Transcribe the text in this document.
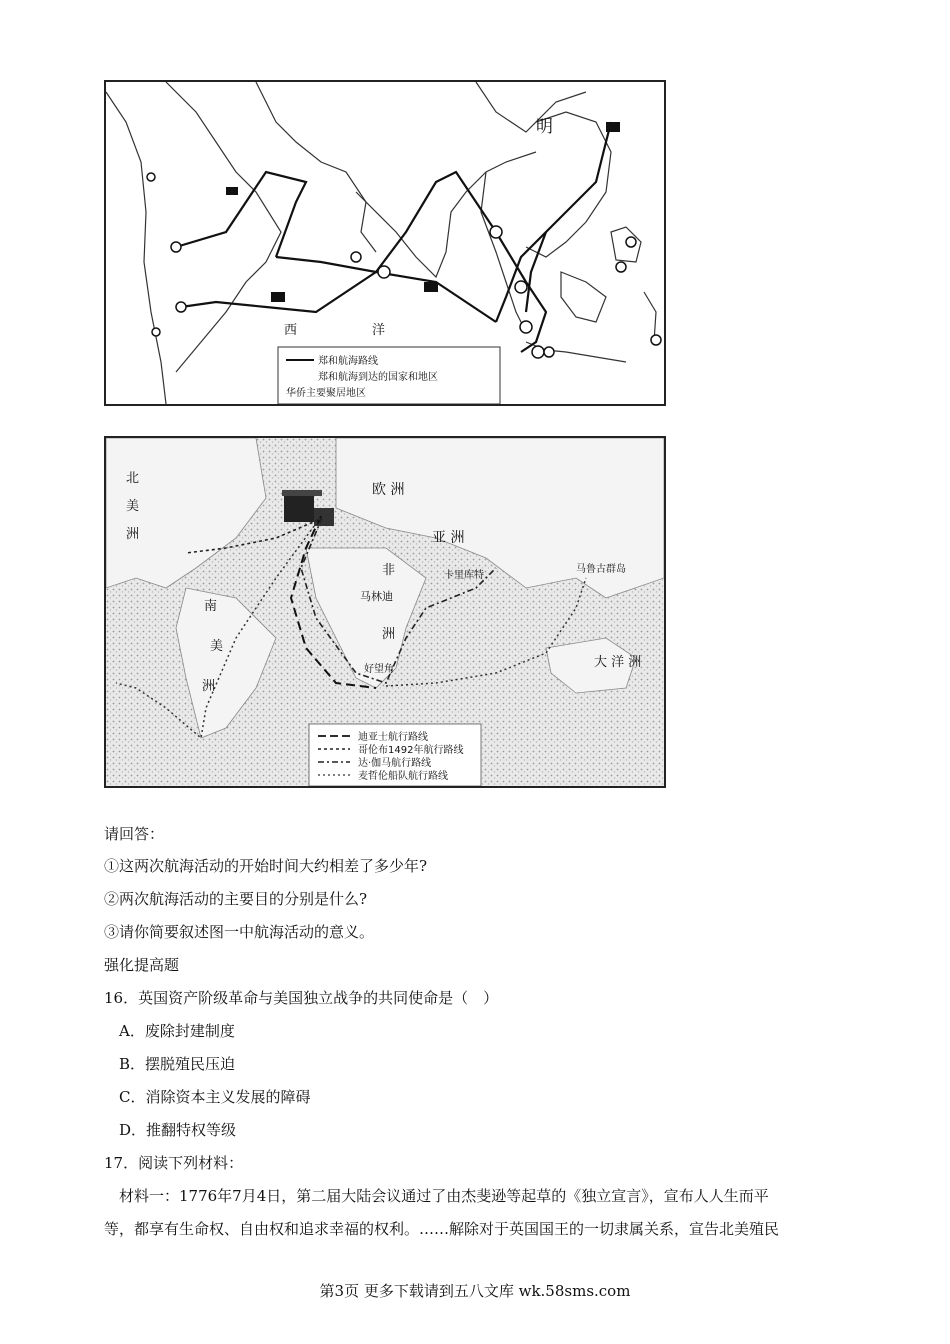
明
西	洋
郑和航海路线
郑和航海到达的国家和地区
华侨主要聚居地区
北
美
洲
欧 洲
亚 洲
非
洲
南
美
洲
大 洋 洲
好望角
马林迪
卡里库特
马鲁古群岛
迪亚士航行路线
哥伦布1492年航行路线
达·伽马航行路线
麦哲伦船队航行路线
请回答：
①这两次航海活动的开始时间大约相差了多少年?
②两次航海活动的主要目的分别是什么?
③请你简要叙述图一中航海活动的意义。
强化提高题
16．英国资产阶级革命与美国独立战争的共同使命是（　）
A．废除封建制度
B．摆脱殖民压迫
C．消除资本主义发展的障碍
D．推翻特权等级
17．阅读下列材料：
材料一：1776年7月4日，第二届大陆会议通过了由杰斐逊等起草的《独立宣言》，宣布人人生而平
等，都享有生命权、自由权和追求幸福的权利。……解除对于英国国王的一切隶属关系，宣告北美殖民
第3页 更多下载请到五八文库 wk.58sms.com
